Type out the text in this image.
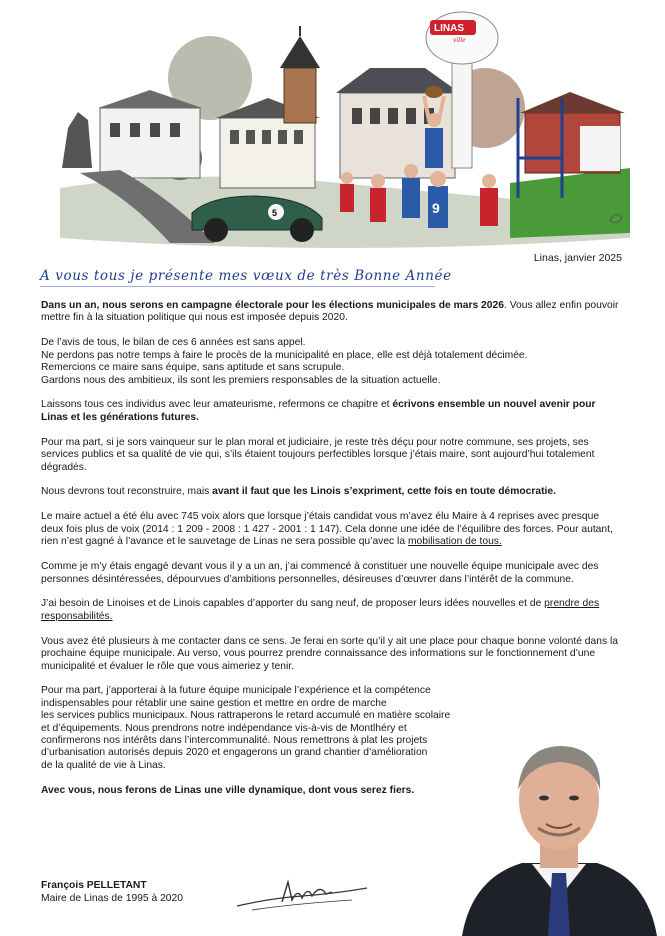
LINAS
ville
5	9
Linas, janvier 2025
A vous tous je présente mes vœux de très Bonne Année

Dans un an, nous serons en campagne électorale pour les élections municipales de mars 2026. Vous allez enfin pouvoir mettre fin à la situation politique qui nous est imposée depuis 2020.

De l’avis de tous, le bilan de ces 6 années est sans appel.
Ne perdons pas notre temps à faire le procès de la municipalité en place, elle est déjà totalement décimée.
Remercions ce maire sans équipe, sans aptitude et sans scrupule.
Gardons nous des ambitieux, ils sont les premiers responsables de la situation actuelle.

Laissons tous ces individus avec leur amateurisme, refermons ce chapitre et écrivons ensemble un nouvel avenir pour Linas et les générations futures.

Pour ma part, si je sors vainqueur sur le plan moral et judiciaire, je reste très déçu pour notre commune, ses projets, ses services publics et sa qualité de vie qui, s’ils étaient toujours perfectibles lorsque j’étais maire, sont aujourd’hui totalement dégradés.

Nous devrons tout reconstruire, mais avant il faut que les Linois s’expriment, cette fois en toute démocratie.

Le maire actuel a été élu avec 745 voix alors que lorsque j’étais candidat vous m’avez élu Maire à 4 reprises avec presque deux fois plus de voix (2014 : 1 209 - 2008 : 1 427 - 2001 : 1 147). Cela donne une idée de l’équilibre des forces. Pour autant, rien n’est gagné à l’avance et le sauvetage de Linas ne sera possible qu’avec la mobilisation de tous.

Comme je m’y étais engagé devant vous il y a un an, j’ai commencé à constituer une nouvelle équipe municipale avec des personnes désintéressées, dépourvues d’ambitions personnelles, désireuses d’œuvrer dans l’intérêt de la commune.

J’ai besoin de Linoises et de Linois capables d’apporter du sang neuf, de proposer leurs idées nouvelles et de prendre des responsabilités.

Vous avez été plusieurs à me contacter dans ce sens. Je ferai en sorte qu’il y ait une place pour chaque bonne volonté dans la prochaine équipe municipale. Au verso, vous pourrez prendre connaissance des informations sur le fonctionnement d’une municipalité et évaluer le rôle que vous aimeriez y tenir.

Pour ma part, j’apporterai à la future équipe municipale l’expérience et la compétence
indispensables pour rétablir une saine gestion et mettre en ordre de marche
les services publics municipaux. Nous rattraperons le retard accumulé en matière scolaire
et d’équipements. Nous prendrons notre indépendance vis-à-vis de Montlhéry et
confirmerons nos intérêts dans l’intercommunalité. Nous remettrons à plat les projets
d’urbanisation autorisés depuis 2020 et engagerons un grand chantier d’amélioration
de la qualité de vie à Linas.

Avec vous, nous ferons de Linas une ville dynamique, dont vous serez fiers.

François PELLETANT
Maire de Linas de 1995 à 2020
